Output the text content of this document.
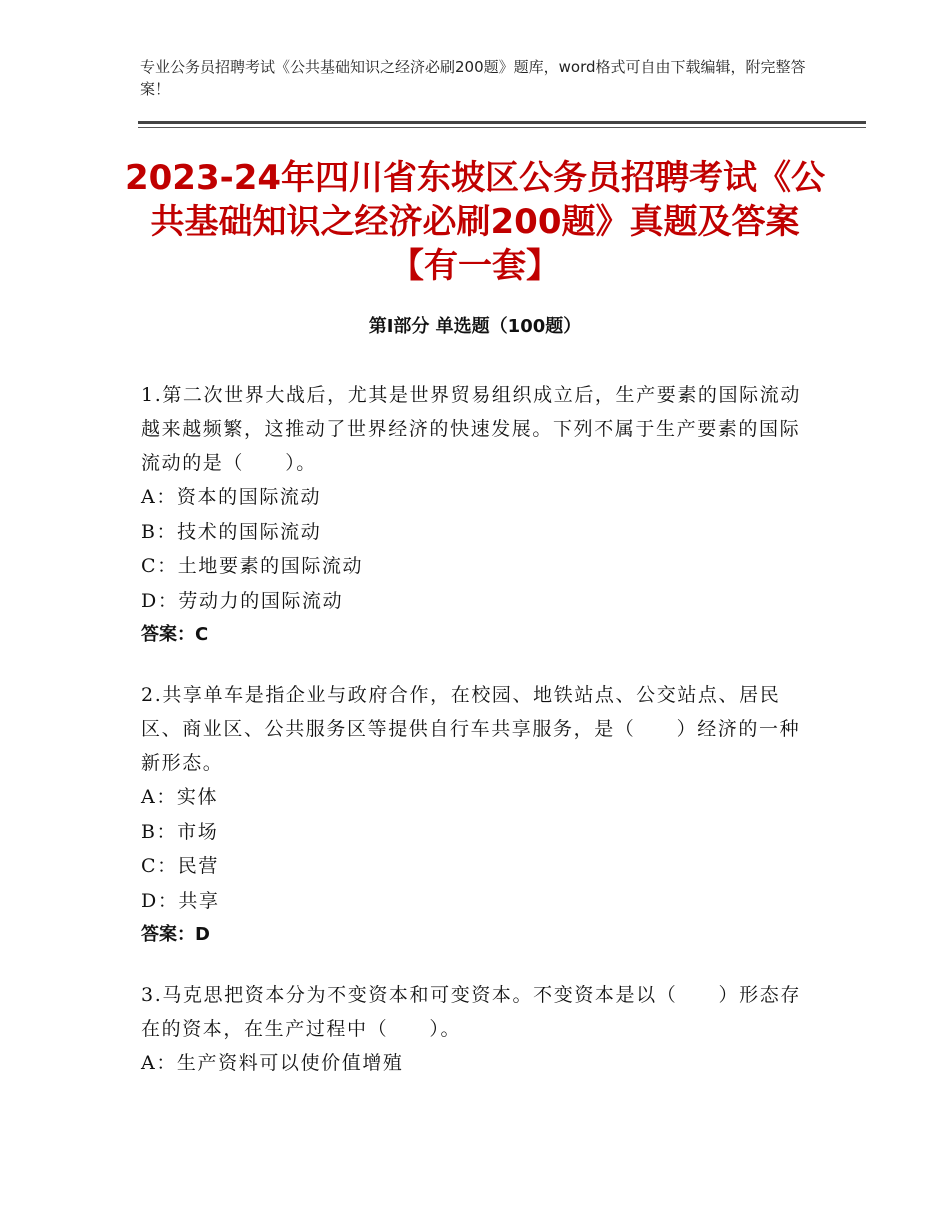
专业公务员招聘考试《公共基础知识之经济必刷200题》题库，word格式可自由下载编辑，附完整答案！
2023-24年四川省东坡区公务员招聘考试《公共基础知识之经济必刷200题》真题及答案【有一套】
第Ⅰ部分 单选题（100题）

1.第二次世界大战后，尤其是世界贸易组织成立后，生产要素的国际流动越来越频繁，这推动了世界经济的快速发展。下列不属于生产要素的国际流动的是（　　）。

A：资本的国际流动

B：技术的国际流动

C：土地要素的国际流动

D：劳动力的国际流动

答案：C

2.共享单车是指企业与政府合作，在校园、地铁站点、公交站点、居民区、商业区、公共服务区等提供自行车共享服务，是（　　）经济的一种新形态。

A：实体

B：市场

C：民营

D：共享

答案：D

3.马克思把资本分为不变资本和可变资本。不变资本是以（　　）形态存在的资本，在生产过程中（　　）。

A：生产资料可以使价值增殖
